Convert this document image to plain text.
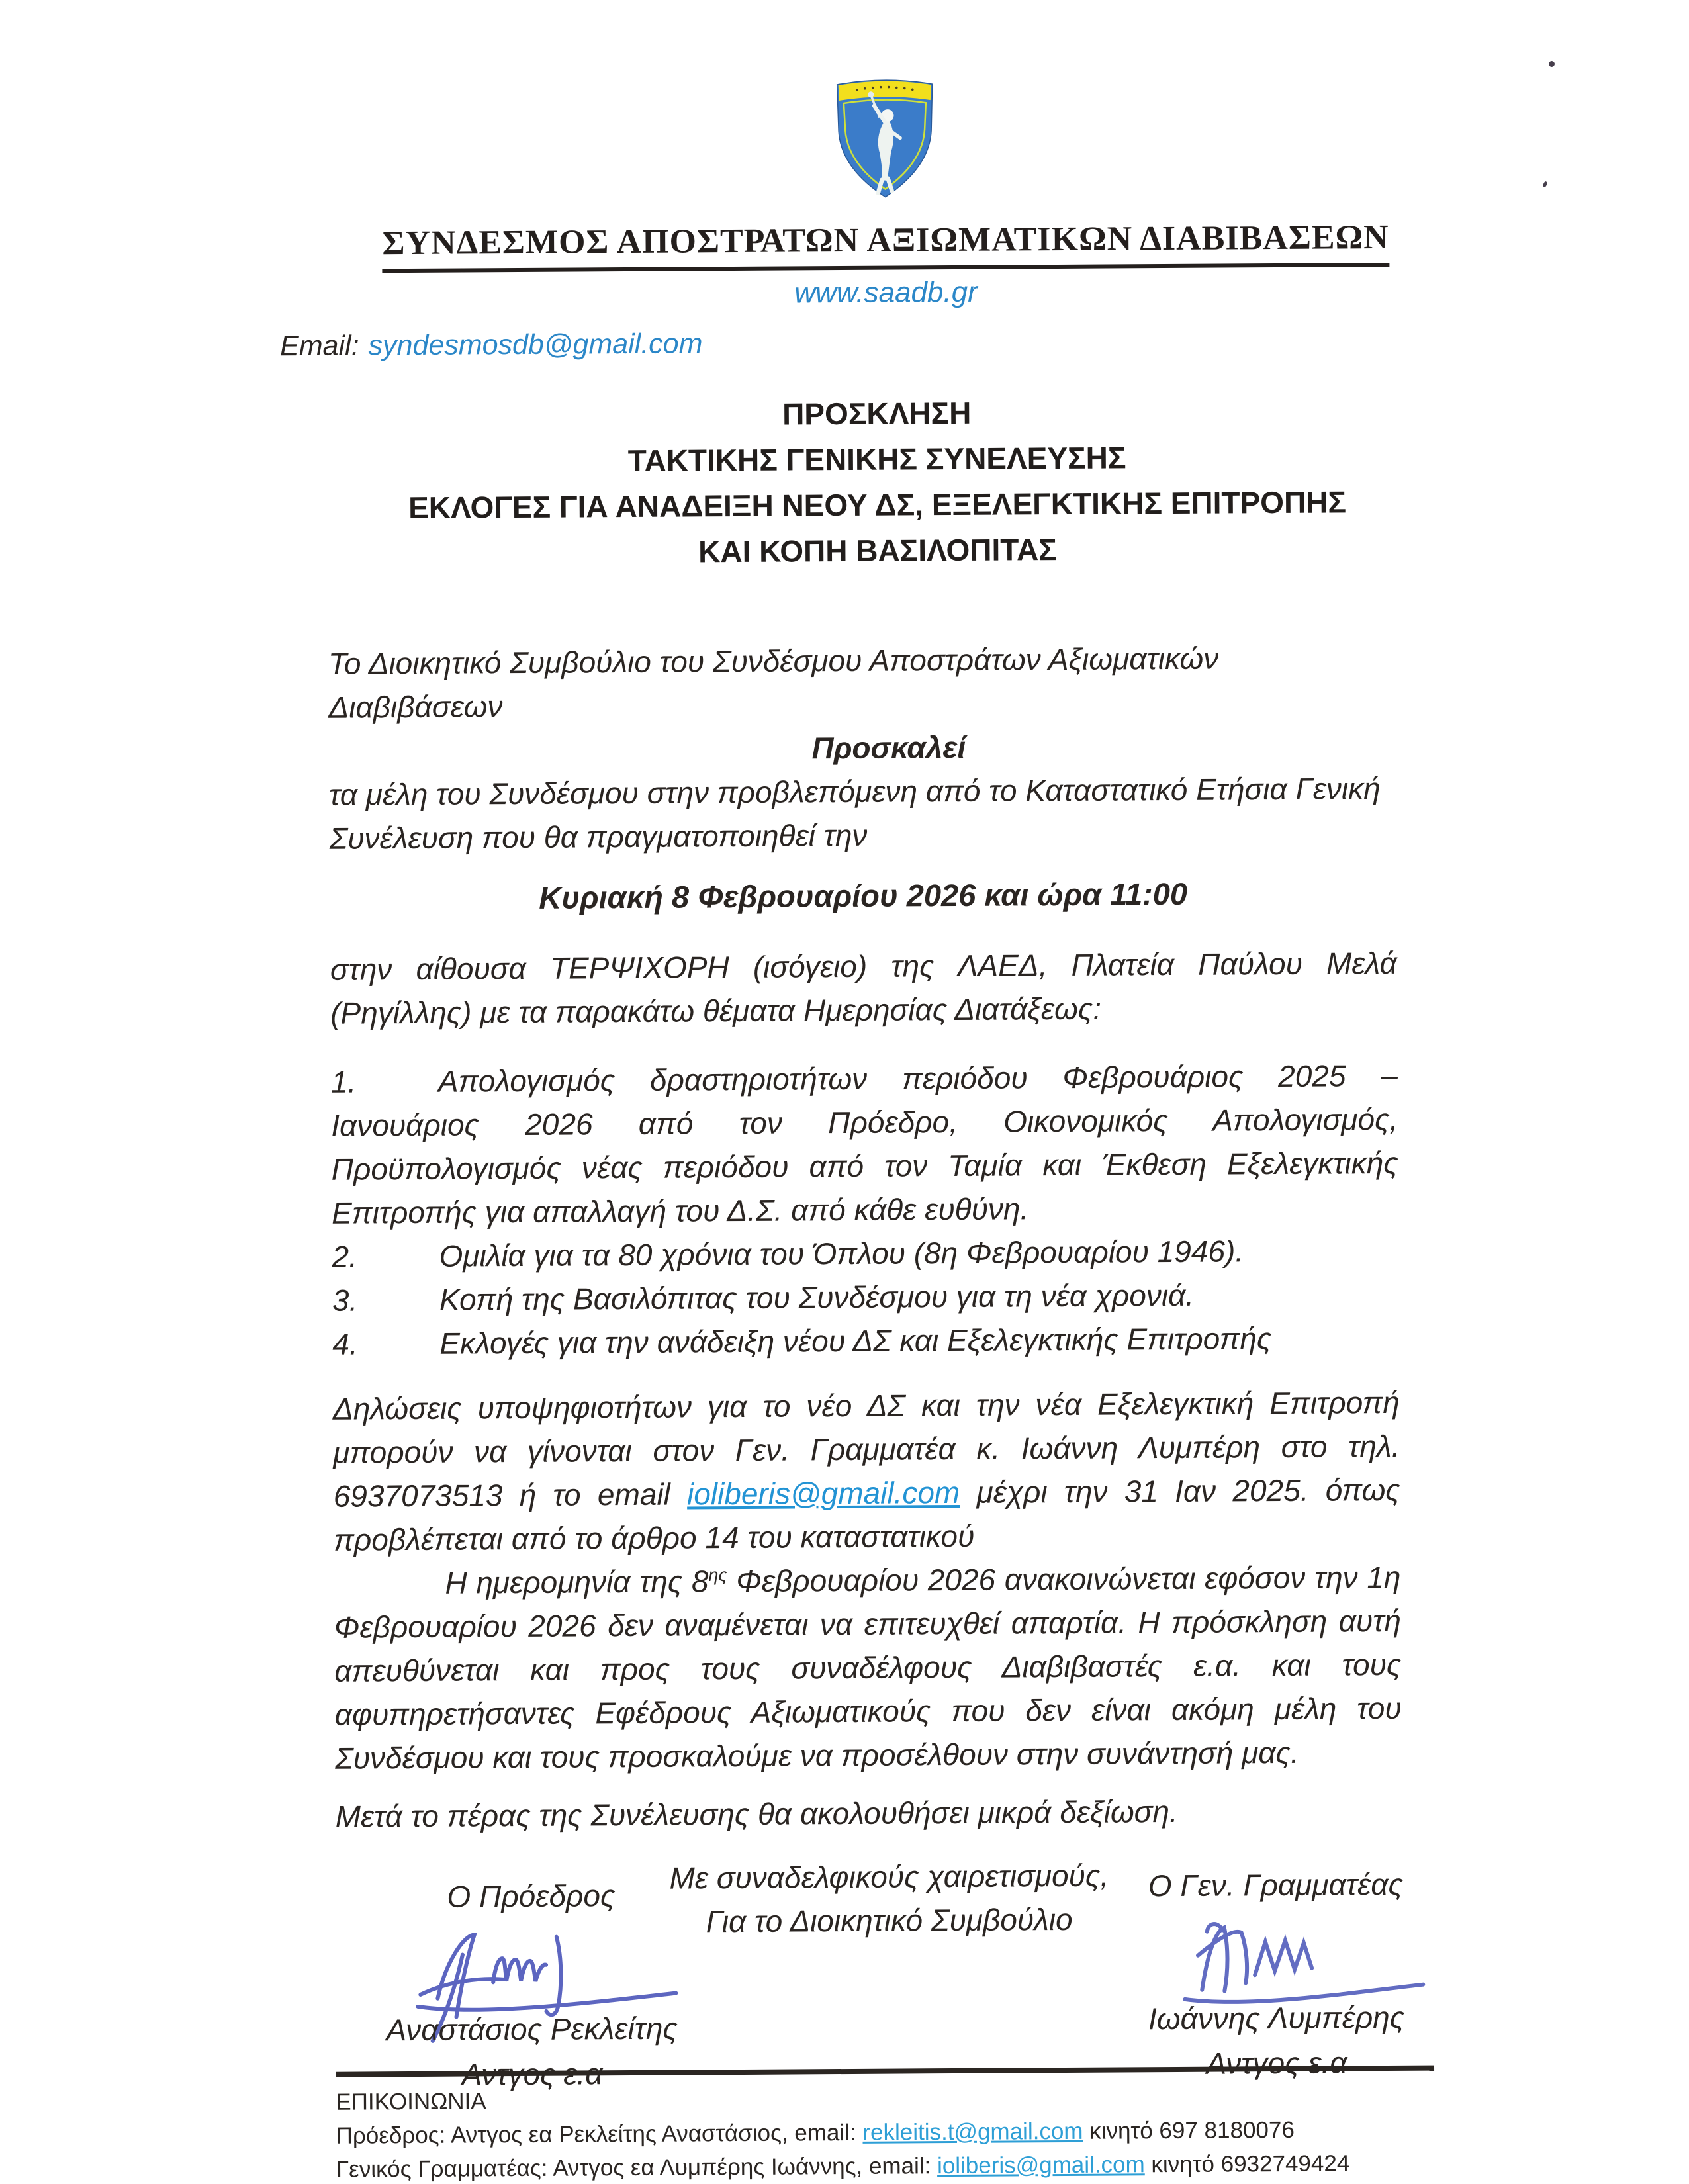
ΣΥΝΔΕΣΜΟΣ ΑΠΟΣΤΡΑΤΩΝ ΑΞΙΩΜΑΤΙΚΩΝ ΔΙΑΒΙΒΑΣΕΩΝ
www.saadb.gr
Email: syndesmosdb@gmail.com
ΠΡΟΣΚΛΗΣΗ
ΤΑΚΤΙΚΗΣ ΓΕΝΙΚΗΣ ΣΥΝΕΛΕΥΣΗΣ
ΕΚΛΟΓΕΣ ΓΙΑ ΑΝΑΔΕΙΞΗ ΝΕΟΥ ΔΣ, ΕΞΕΛΕΓΚΤΙΚΗΣ ΕΠΙΤΡΟΠΗΣ
ΚΑΙ ΚΟΠΗ ΒΑΣΙΛΟΠΙΤΑΣ

Το Διοικητικό Συμβούλιο του Συνδέσμου Αποστράτων Αξιωματικών Διαβιβάσεων

Προσκαλεί

τα μέλη του Συνδέσμου στην προβλεπόμενη από το Καταστατικό Ετήσια Γενική Συνέλευση που θα πραγματοποιηθεί την

Κυριακή 8 Φεβρουαρίου 2026 και ώρα 11:00

στην αίθουσα ΤΕΡΨΙΧΟΡΗ (ισόγειο) της ΛΑΕΔ, Πλατεία Παύλου Μελά (Ρηγίλλης) με τα παρακάτω θέματα Ημερησίας Διατάξεως:

1.	Απολογισμός δραστηριοτήτων περιόδου Φεβρουάριος 2025 – Ιανουάριος 2026 από τον Πρόεδρο, Οικονομικός Απολογισμός, Προϋπολογισμός νέας περιόδου από τον Ταμία και Έκθεση Εξελεγκτικής Επιτροπής για απαλλαγή του Δ.Σ. από κάθε ευθύνη.
2.	Ομιλία για τα 80 χρόνια του Όπλου (8η Φεβρουαρίου 1946).
3.	Κοπή της Βασιλόπιτας του Συνδέσμου για τη νέα χρονιά.
4.	Εκλογές για την ανάδειξη νέου ΔΣ και Εξελεγκτικής Επιτροπής

Δηλώσεις υποψηφιοτήτων για το νέο ΔΣ και την νέα Εξελεγκτική Επιτροπή μπορούν να γίνονται στον Γεν. Γραμματέα κ. Ιωάννη Λυμπέρη στο τηλ. 6937073513 ή το email ioliberis@gmail.com μέχρι την 31 Ιαν 2025. όπως προβλέπεται από το άρθρο 14 του καταστατικού

Η ημερομηνία της $8^{\eta\varsigma}$ Φεβρουαρίου 2026 ανακοινώνεται εφόσον την 1η Φεβρουαρίου 2026 δεν αναμένεται να επιτευχθεί απαρτία. Η πρόσκληση αυτή απευθύνεται και προς τους συναδέλφους Διαβιβαστές ε.α. και τους αφυπηρετήσαντες Εφέδρους Αξιωματικούς που δεν είναι ακόμη μέλη του Συνδέσμου και τους προσκαλούμε να προσέλθουν στην συνάντησή μας.

Μετά το πέρας της Συνέλευσης θα ακολουθήσει μικρά δεξίωση.

Με συναδελφικούς χαιρετισμούς,

Για το Διοικητικό Συμβούλιο

Ο Πρόεδρος
Αναστάσιος Ρεκλείτης
Αντγος ε.α
Ο Γεν. Γραμματέας
Ιωάννης Λυμπέρης
Αντγος ε.α
ΕΠΙΚΟΙΝΩΝΙΑ
Πρόεδρος: Αντγος εα Ρεκλείτης Αναστάσιος, email: rekleitis.t@gmail.com κινητό 697 8180076
Γενικός Γραμματέας: Αντγος εα Λυμπέρης Ιωάννης, email: ioliberis@gmail.com κινητό 6932749424
